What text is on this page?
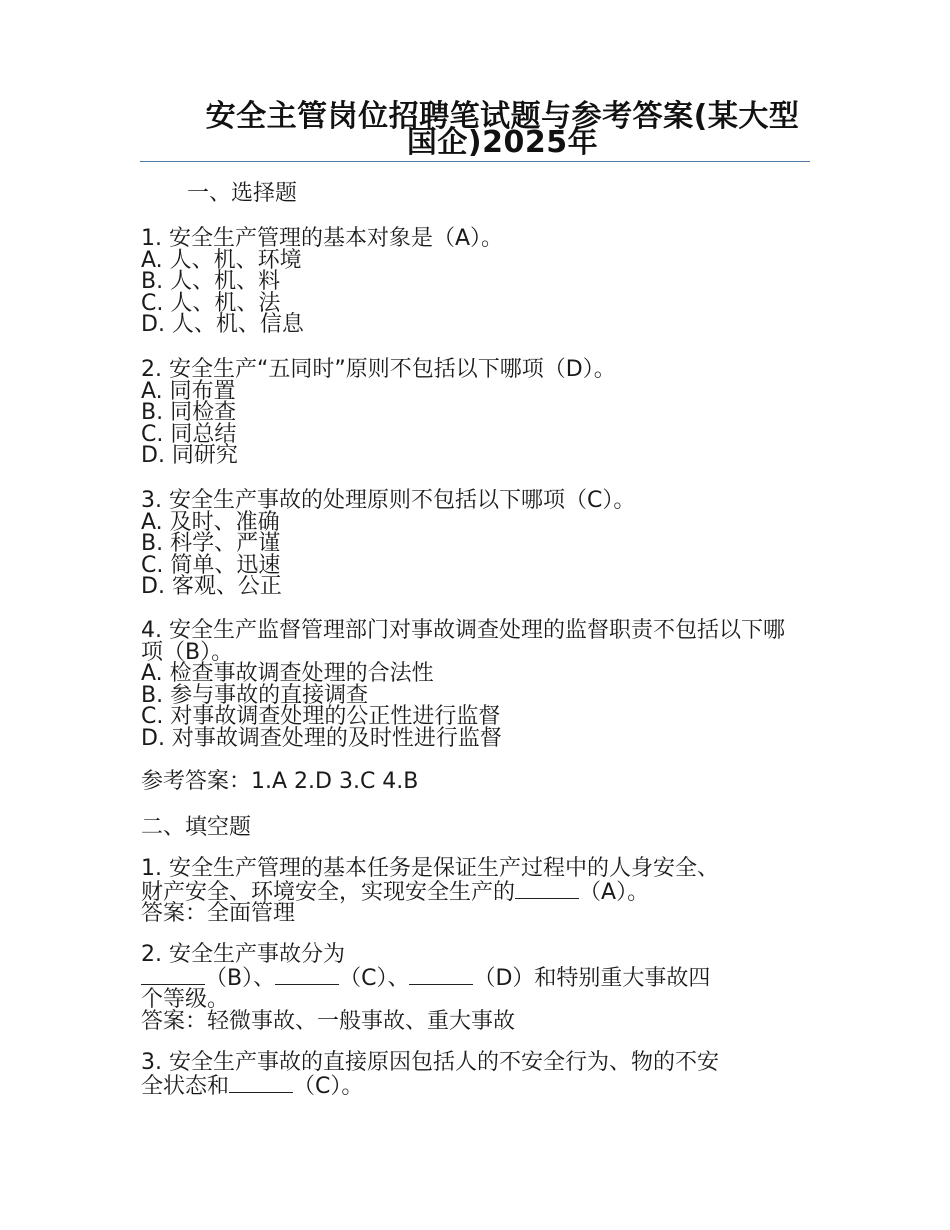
安全主管岗位招聘笔试题与参考答案(某大型国企)2025年
一、选择题
1. 安全生产管理的基本对象是（A）。
A. 人、机、环境
B. 人、机、料
C. 人、机、法
D. 人、机、信息
2. 安全生产“五同时”原则不包括以下哪项（D）。
A. 同布置
B. 同检查
C. 同总结
D. 同研究
3. 安全生产事故的处理原则不包括以下哪项（C）。
A. 及时、准确
B. 科学、严谨
C. 简单、迅速
D. 客观、公正
4. 安全生产监督管理部门对事故调查处理的监督职责不包括以下哪项（B）。
A. 检查事故调查处理的合法性
B. 参与事故的直接调查
C. 对事故调查处理的公正性进行监督
D. 对事故调查处理的及时性进行监督
参考答案：1.A 2.D 3.C 4.B
二、填空题
1. 安全生产管理的基本任务是保证生产过程中的人身安全、
财产安全、环境安全，实现安全生产的	（A）。
答案：全面管理
2. 安全生产事故分为
（B）、	（C）、	（D）和特别重大事故四
个等级。
答案：轻微事故、一般事故、重大事故
3. 安全生产事故的直接原因包括人的不安全行为、物的不安
全状态和	（C）。
